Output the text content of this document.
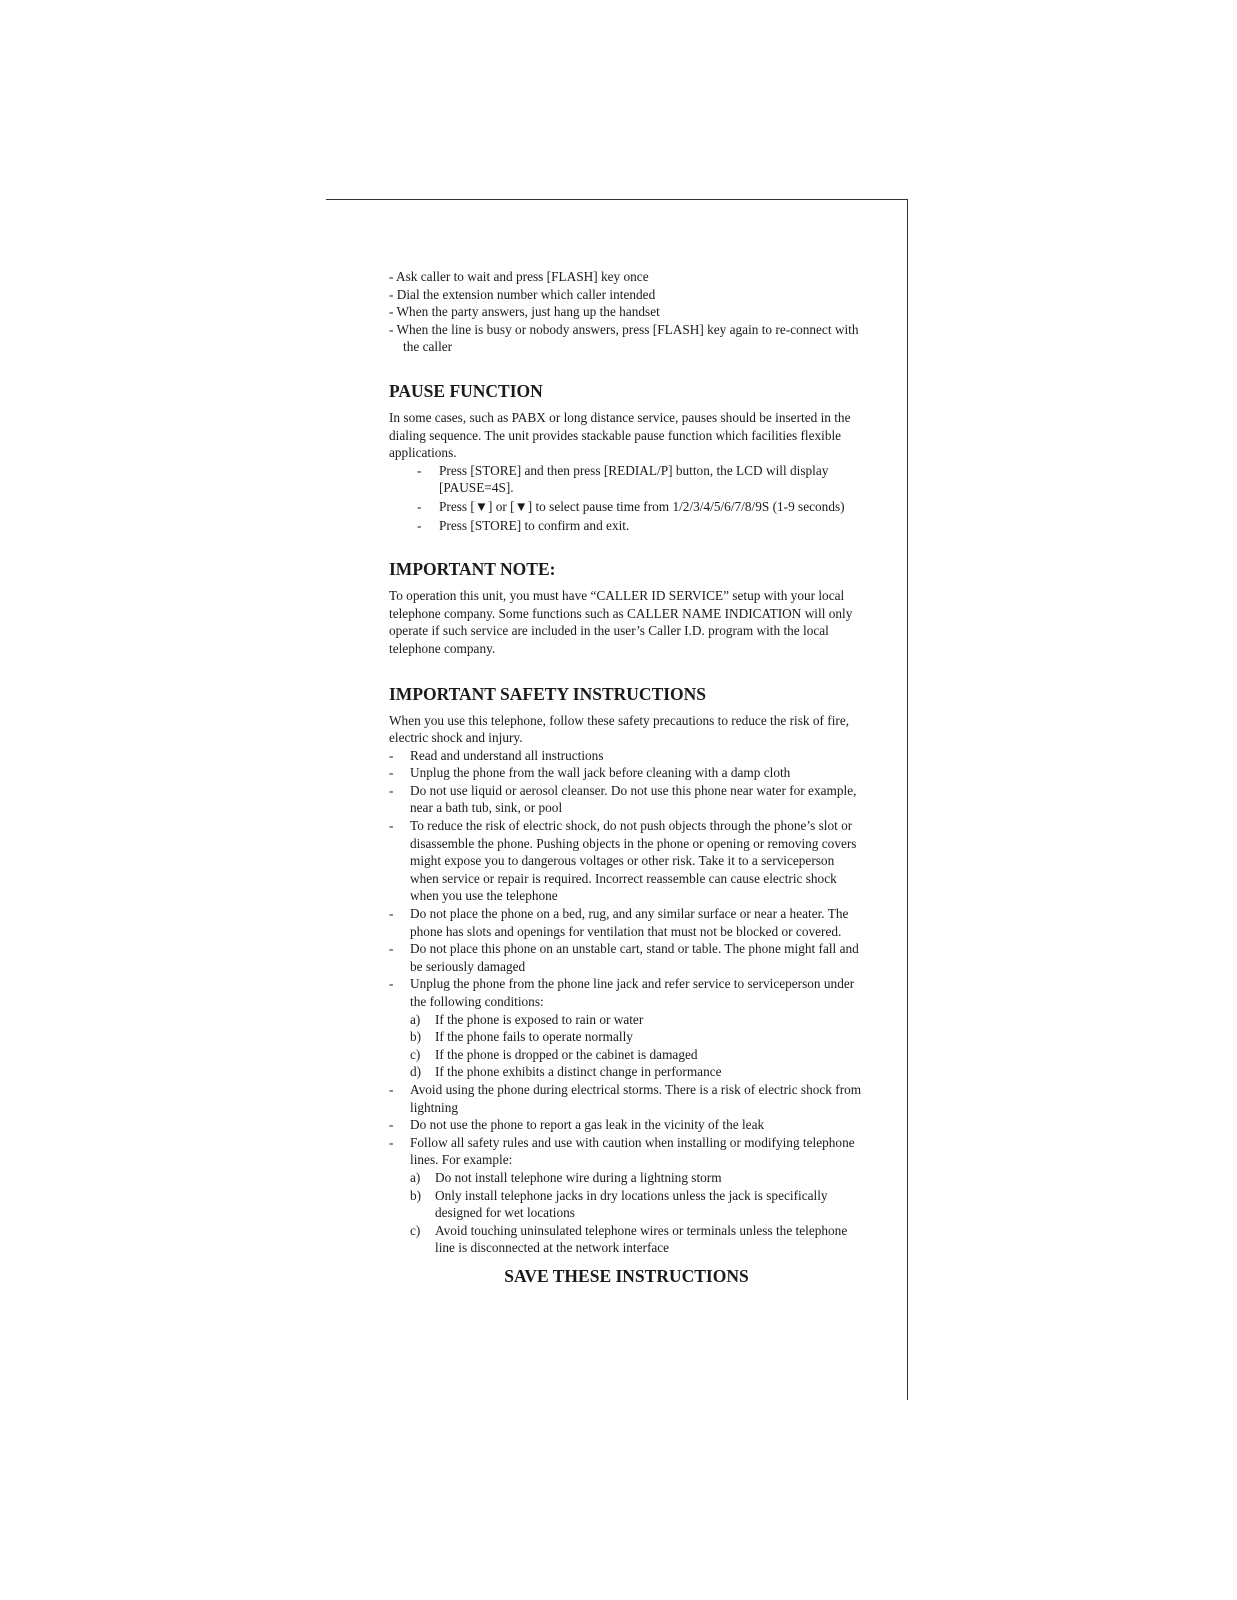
- Ask caller to wait and press [FLASH] key once

- Dial the extension number which caller intended

- When the party answers, just hang up the handset

- When the line is busy or nobody answers, press [FLASH] key again to re-connect with the caller

PAUSE FUNCTION

In some cases, such as PABX or long distance service, pauses should be inserted in the dialing sequence. The unit provides stackable pause function which facilities flexible applications.

-	Press [STORE] and then press [REDIAL/P] button, the LCD will display [PAUSE=4S].
-	Press [▼] or [▼] to select pause time from 1/2/3/4/5/6/7/8/9S (1-9 seconds)
-	Press [STORE] to confirm and exit.
IMPORTANT NOTE:

To operation this unit, you must have “CALLER ID SERVICE” setup with your local telephone company. Some functions such as CALLER NAME INDICATION will only operate if such service are included in the user’s Caller I.D. program with the local telephone company.

IMPORTANT SAFETY INSTRUCTIONS

When you use this telephone, follow these safety precautions to reduce the risk of fire, electric shock and injury.

-	Read and understand all instructions
-	Unplug the phone from the wall jack before cleaning with a damp cloth
-	Do not use liquid or aerosol cleanser. Do not use this phone near water for example, near a bath tub, sink, or pool
-	To reduce the risk of electric shock, do not push objects through the phone’s slot or disassemble the phone. Pushing objects in the phone or opening or removing covers might expose you to dangerous voltages or other risk. Take it to a serviceperson when service or repair is required. Incorrect reassemble can cause electric shock when you use the telephone
-	Do not place the phone on a bed, rug, and any similar surface or near a heater. The phone has slots and openings for ventilation that must not be blocked or covered.
-	Do not place this phone on an unstable cart, stand or table. The phone might fall and be seriously damaged
-	Unplug the phone from the phone line jack and refer service to serviceperson under the following conditions:
a)	If the phone is exposed to rain or water
b)	If the phone fails to operate normally
c)	If the phone is dropped or the cabinet is damaged
d)	If the phone exhibits a distinct change in performance
-	Avoid using the phone during electrical storms. There is a risk of electric shock from lightning
-	Do not use the phone to report a gas leak in the vicinity of the leak
-	Follow all safety rules and use with caution when installing or modifying telephone lines. For example:
a)	Do not install telephone wire during a lightning storm
b)	Only install telephone jacks in dry locations unless the jack is specifically designed for wet locations
c)	Avoid touching uninsulated telephone wires or terminals unless the telephone line is disconnected at the network interface
SAVE THESE INSTRUCTIONS
